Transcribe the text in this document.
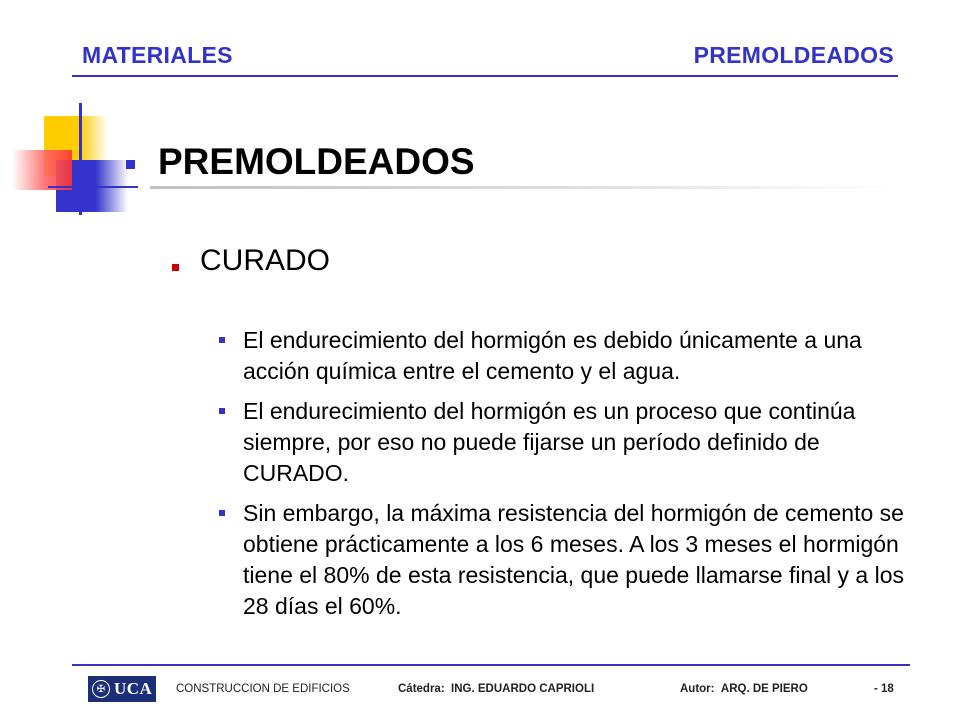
MATERIALES	PREMOLDEADOS
PREMOLDEADOS
CURADO
El endurecimiento del hormigón es debido únicamente a una acción química entre el cemento y el agua.
El endurecimiento del hormigón es un proceso que continúa siempre, por eso no puede fijarse un período definido de CURADO.
Sin embargo, la máxima resistencia del hormigón de cemento se obtiene prácticamente a los 6 meses. A los 3 meses el hormigón tiene el 80% de esta resistencia, que puede llamarse final y a los 28 días el 60%.
✠ UCA CONSTRUCCION DE EDIFICIOS	Cátedra: ING. EDUARDO CAPRIOLI	Autor: ARQ. DE PIERO	- 18
